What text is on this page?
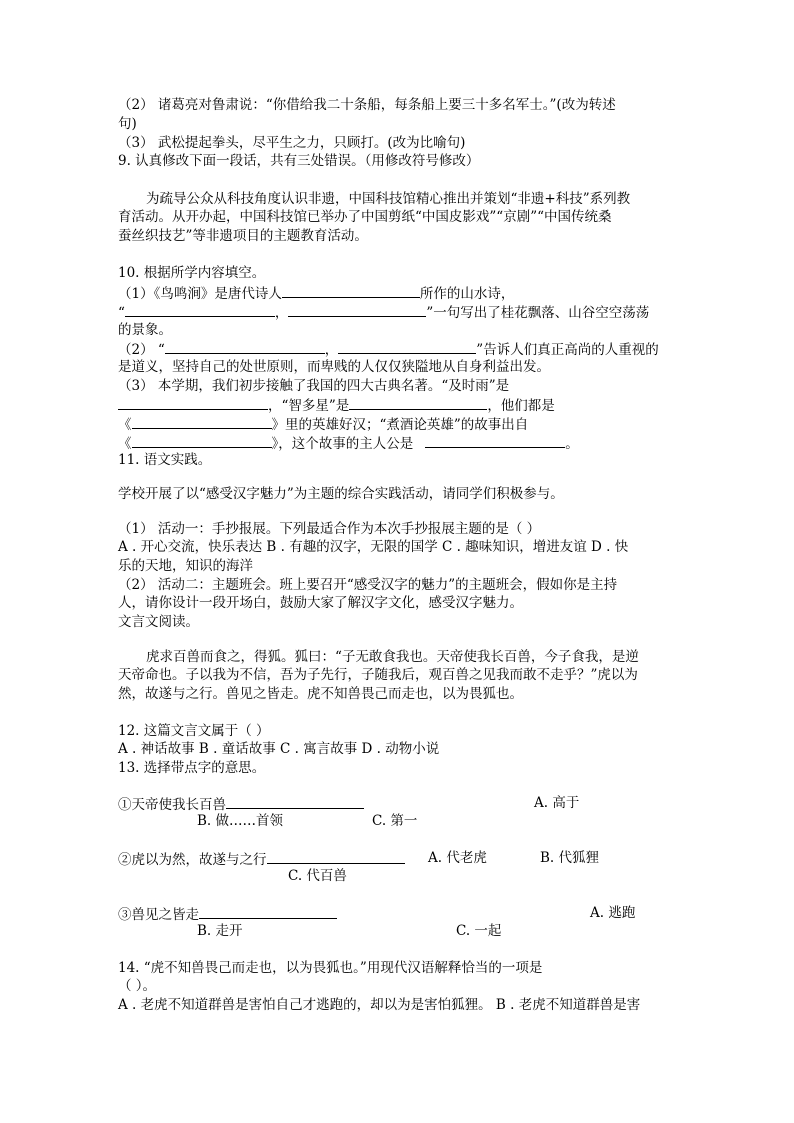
（2） 诸葛亮对鲁肃说：“你借给我二十条船，每条船上要三十多名军士。”(改为转述
句)
（3） 武松提起拳头，尽平生之力，只顾打。(改为比喻句)
9. 认真修改下面一段话，共有三处错误。（用修改符号修改）
为疏导公众从科技角度认识非遗，中国科技馆精心推出并策划“非遗+科技”系列教
育活动。从开办起，中国科技馆已举办了中国剪纸“中国皮影戏”“京剧”“中国传统桑
蚕丝织技艺”等非遗项目的主题教育活动。
10. 根据所学内容填空。
（1）《鸟鸣涧》是唐代诗人	所作的山水诗，
“	，	”一句写出了桂花飘落、山谷空空荡荡
的景象。
（2） “	，	”告诉人们真正高尚的人重视的
是道义，坚持自己的处世原则，而卑贱的人仅仅狭隘地从自身利益出发。
（3） 本学期，我们初步接触了我国的四大古典名著。“及时雨”是
，“智多星”是	，他们都是
《	》里的英雄好汉；“煮酒论英雄”的故事出自
《	》，这个故事的主人公是	。
11. 语文实践。
学校开展了以“感受汉字魅力”为主题的综合实践活动，请同学们积极参与。
（1） 活动一：手抄报展。下列最适合作为本次手抄报展主题的是（ ）
A . 开心交流，快乐表达 B . 有趣的汉字，无限的国学 C . 趣味知识，增进友谊 D . 快
乐的天地，知识的海洋
（2） 活动二：主题班会。班上要召开“感受汉字的魅力”的主题班会，假如你是主持
人，请你设计一段开场白，鼓励大家了解汉字文化，感受汉字魅力。
文言文阅读。
虎求百兽而食之，得狐。狐曰：“子无敢食我也。天帝使我长百兽，今子食我，是逆
天帝命也。子以我为不信，吾为子先行，子随我后，观百兽之见我而敢不走乎？”虎以为
然，故遂与之行。兽见之皆走。虎不知兽畏己而走也，以为畏狐也。
12. 这篇文言文属于（ ）
A . 神话故事 B . 童话故事 C . 寓言故事 D . 动物小说
13. 选择带点字的意思。
①天帝使我长百兽	A. 高于
B. 做……首领	C. 第一
②虎以为然，故遂与之行	A. 代老虎	B. 代狐狸
C. 代百兽
③兽见之皆走	A. 逃跑
B. 走开	C. 一起
14. “虎不知兽畏己而走也，以为畏狐也。”用现代汉语解释恰当的一项是
（ ）。
A . 老虎不知道群兽是害怕自己才逃跑的，却以为是害怕狐狸。 B . 老虎不知道群兽是害
